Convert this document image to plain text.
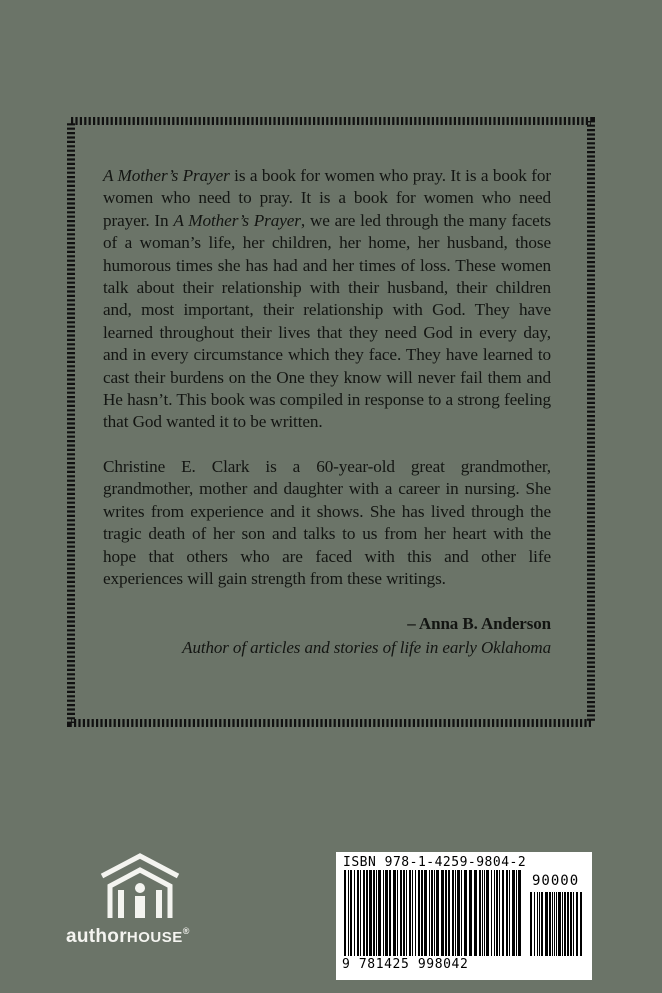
A Mother’s Prayer is a book for women who pray. It is a book for women who need to pray. It is a book for women who need prayer. In A Mother’s Prayer, we are led through the many facets of a woman’s life, her children, her home, her husband, those humorous times she has had and her times of loss. These women talk about their relationship with their husband, their children and, most important, their relationship with God. They have learned throughout their lives that they need God in every day, and in every circumstance which they face. They have learned to cast their burdens on the One they know will never fail them and He hasn’t. This book was compiled in response to a strong feeling that God wanted it to be written.

Christine E. Clark is a 60-year-old great grandmother, grandmother, mother and daughter with a career in nursing. She writes from experience and it shows. She has lived through the tragic death of her son and talks to us from her heart with the hope that others who are faced with this and other life experiences will gain strength from these writings.

– Anna B. Anderson
Author of articles and stories of life in early Oklahoma
authorHOUSE®
ISBN 978-1-4259-9804-2
90000
9 781425 998042
